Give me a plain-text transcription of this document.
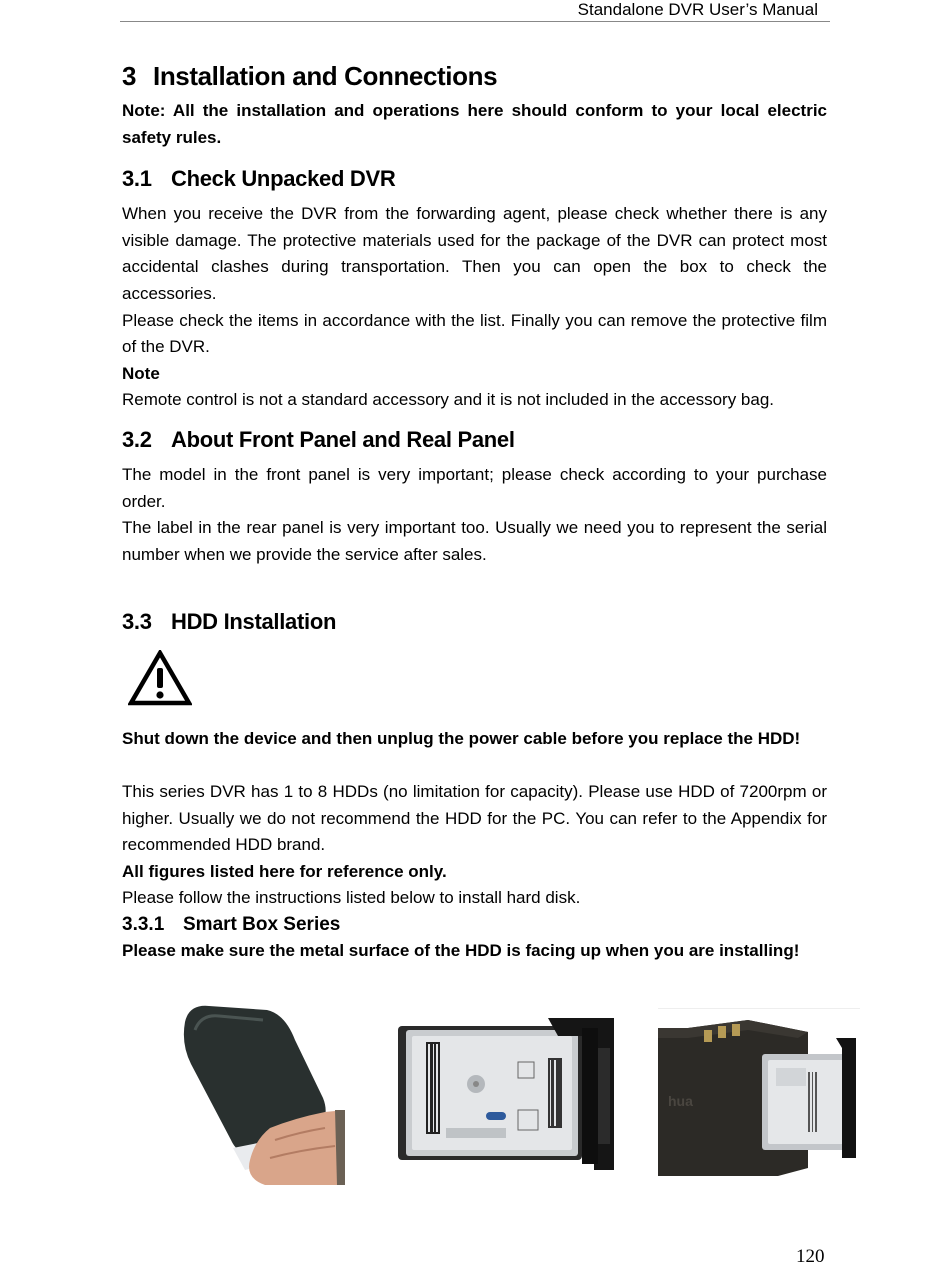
Standalone DVR User’s Manual
3 Installation and Connections

Note: All the installation and operations here should conform to your local electric safety rules.

3.1 Check Unpacked DVR

When you receive the DVR from the forwarding agent, please check whether there is any visible damage. The protective materials used for the package of the DVR can protect most accidental clashes during transportation. Then you can open the box to check the accessories.

Please check the items in accordance with the list. Finally you can remove the protective film of the DVR.

Note

Remote control is not a standard accessory and it is not included in the accessory bag.

3.2 About Front Panel and Real Panel

The model in the front panel is very important; please check according to your purchase order.

The label in the rear panel is very important too. Usually we need you to represent the serial number when we provide the service after sales.

3.3 HDD Installation

Shut down the device and then unplug the power cable before you replace the HDD!

This series DVR has 1 to 8 HDDs (no limitation for capacity). Please use HDD of 7200rpm or higher. Usually we do not recommend the HDD for the PC. You can refer to the Appendix for recommended HDD brand.

All figures listed here for reference only.

Please follow the instructions listed below to install hard disk.

3.3.1 Smart Box Series

Please make sure the metal surface of the HDD is facing up when you are installing!

hua
120
